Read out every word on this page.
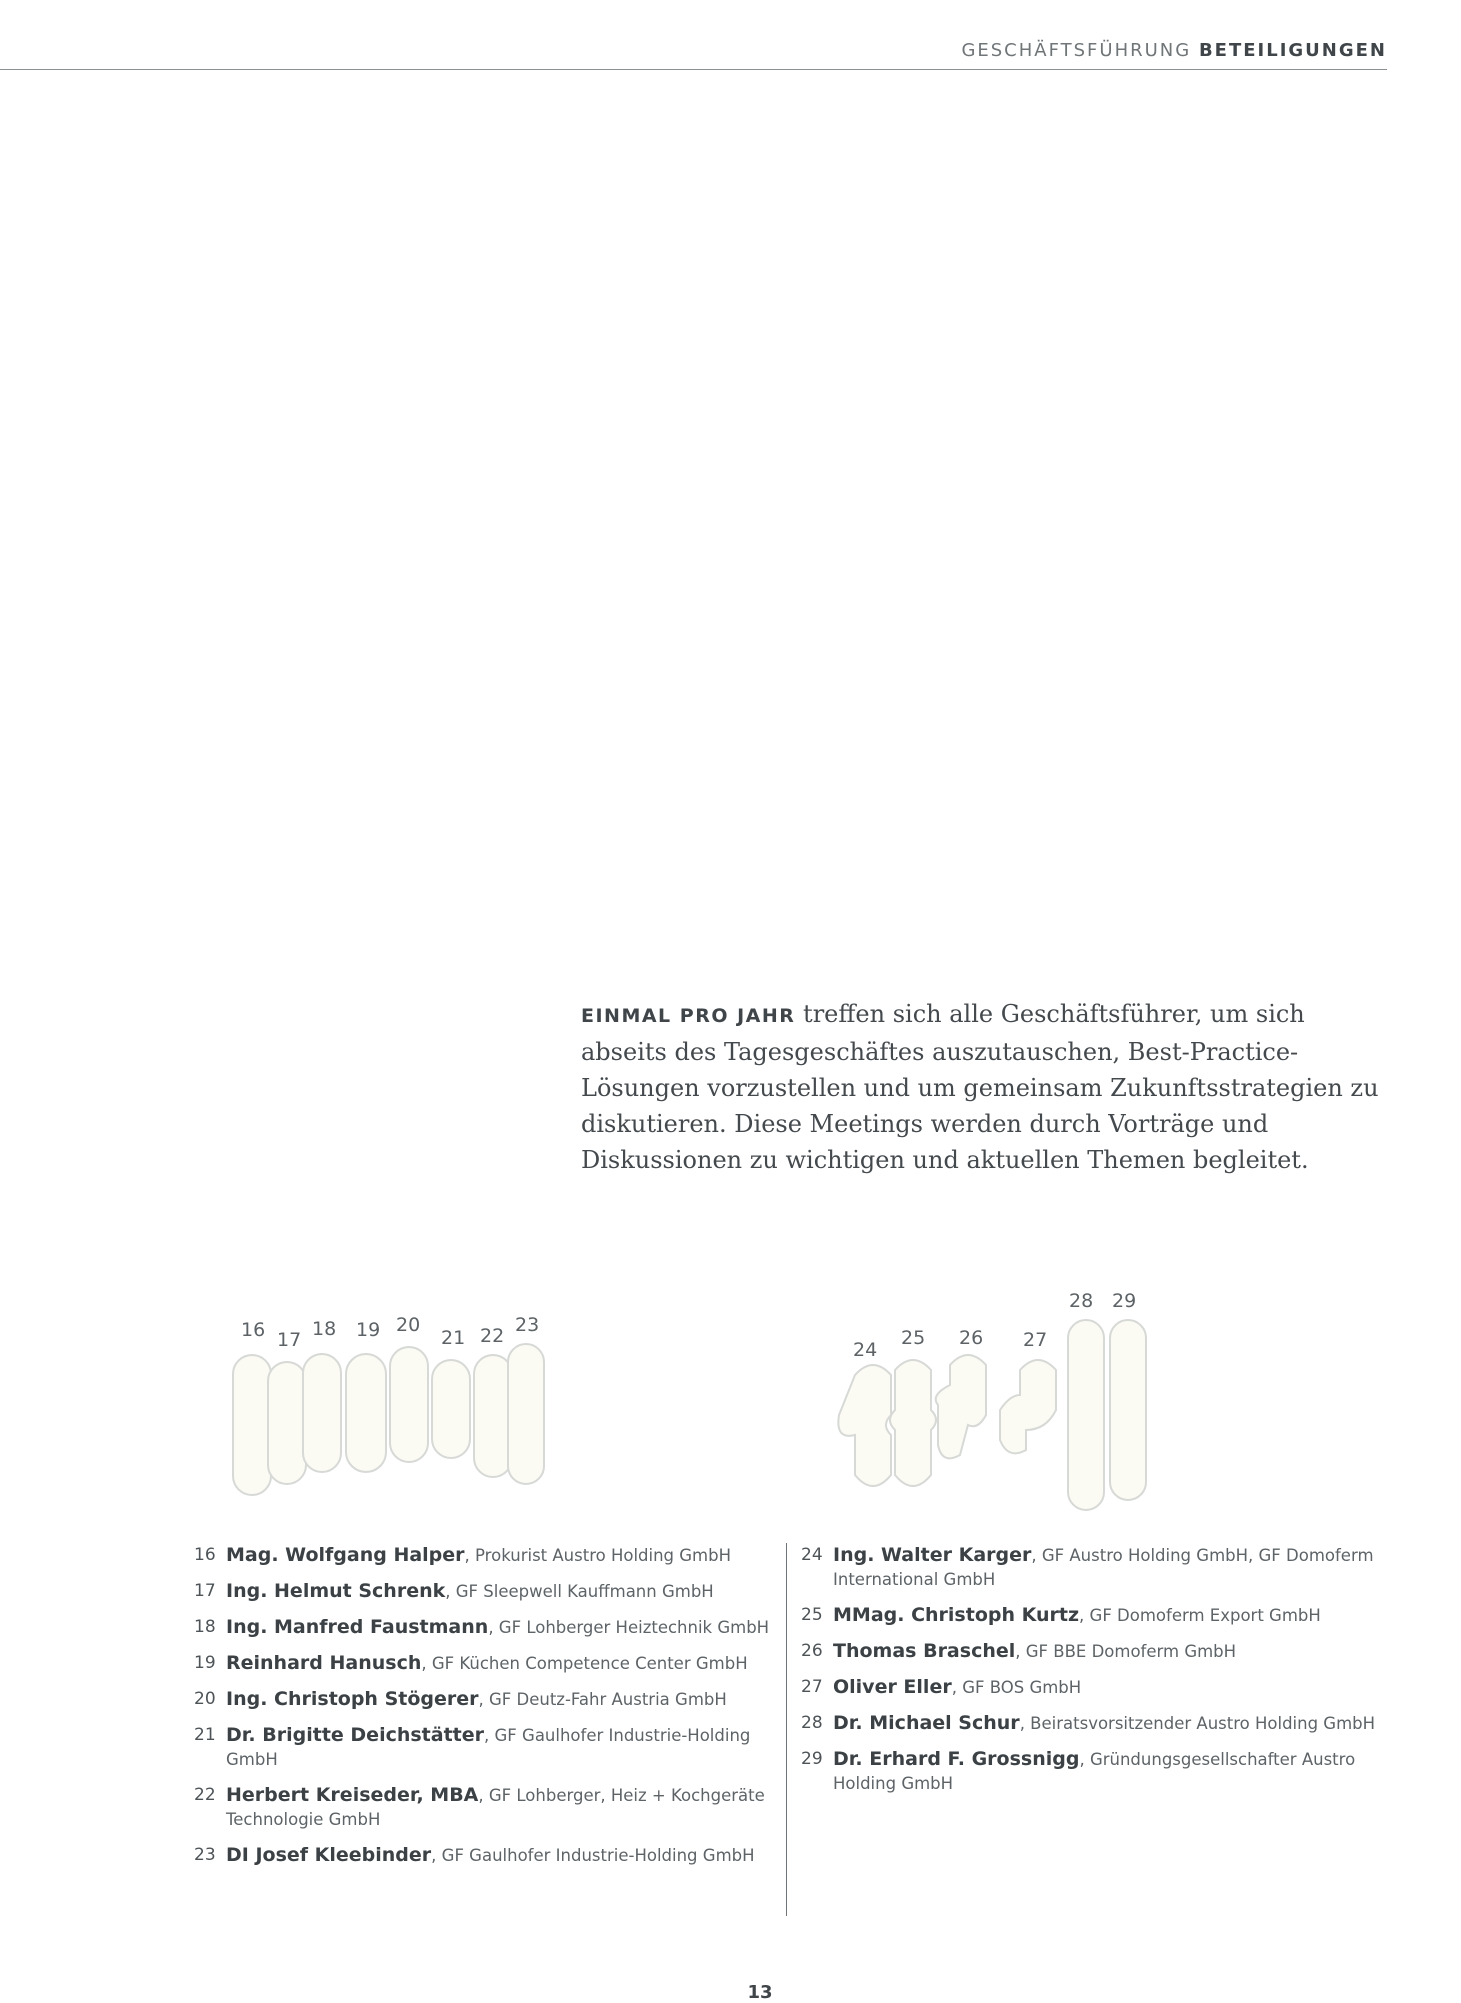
GESCHÄFTSFÜHRUNG BETEILIGUNGEN
EINMAL PRO JAHR treffen sich alle Geschäftsführer, um sich abseits des Tagesgeschäftes auszutauschen, Best-Practice-Lösungen vorzustellen und um gemeinsam Zukunftsstrategien zu diskutieren. Diese Meetings werden durch Vorträge und Diskussionen zu wichtigen und aktuellen Themen begleitet.
16 17 18 19 20
21 22 23
24
25 26 27
28 29
16 Mag. Wolfgang Halper, Prokurist Austro Holding GmbH
17 Ing. Helmut Schrenk, GF Sleepwell Kauffmann GmbH
18 Ing. Manfred Faustmann, GF Lohberger Heiztechnik GmbH
19 Reinhard Hanusch, GF Küchen Competence Center GmbH
20 Ing. Christoph Stögerer, GF Deutz-Fahr Austria GmbH
21 Dr. Brigitte Deichstätter, GF Gaulhofer Industrie-Holding GmbH
22 Herbert Kreiseder, MBA, GF Lohberger, Heiz + Kochgeräte Technologie GmbH
23 DI Josef Kleebinder, GF Gaulhofer Industrie-Holding GmbH
24 Ing. Walter Karger, GF Austro Holding GmbH, GF Domoferm International GmbH
25 MMag. Christoph Kurtz, GF Domoferm Export GmbH
26 Thomas Braschel, GF BBE Domoferm GmbH
27 Oliver Eller, GF BOS GmbH
28 Dr. Michael Schur, Beiratsvorsitzender Austro Holding GmbH
29 Dr. Erhard F. Grossnigg, Gründungsgesellschafter Austro Holding GmbH
13
